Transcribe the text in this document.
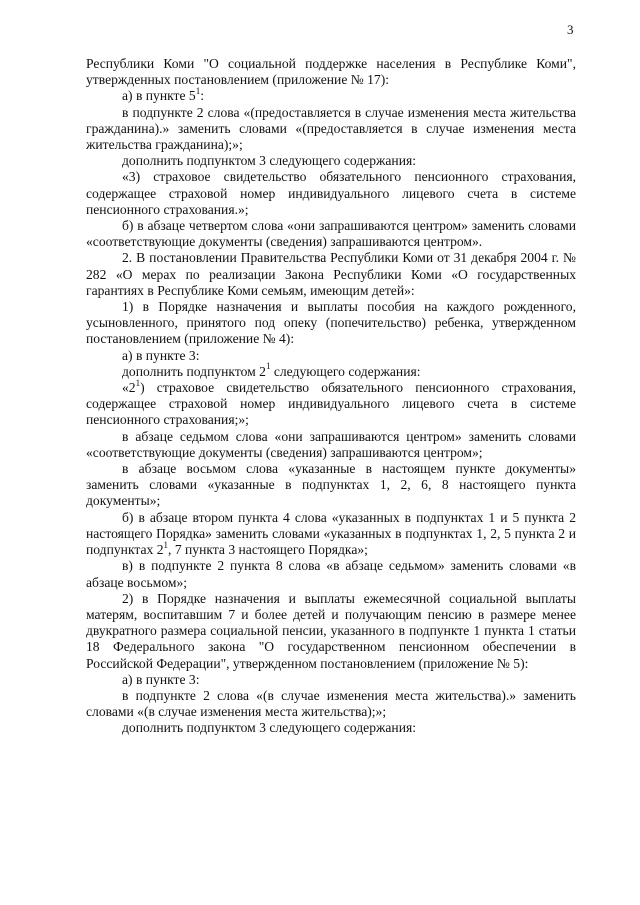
3

Республики Коми "О социальной поддержке населения в Республике Коми", утвержденных постановлением (приложение № 17):

а) в пункте $5^1$:

в подпункте 2 слова «(предоставляется в случае изменения места жительства гражданина).» заменить словами «(предоставляется в случае изменения места жительства гражданина);»;

дополнить подпунктом 3 следующего содержания:

«3) страховое свидетельство обязательного пенсионного страхования, содержащее страховой номер индивидуального лицевого счета в системе пенсионного страхования.»;

б) в абзаце четвертом слова «они запрашиваются центром» заменить словами «соответствующие документы (сведения) запрашиваются центром».

2. В постановлении Правительства Республики Коми от 31 декабря 2004 г. № 282 «О мерах по реализации Закона Республики Коми «О государственных гарантиях в Республике Коми семьям, имеющим детей»:

1) в Порядке назначения и выплаты пособия на каждого рожденного, усыновленного, принятого под опеку (попечительство) ребенка, утвержденном постановлением (приложение № 4):

а) в пункте 3:

дополнить подпунктом $2^1$ следующего содержания:

«$2^1$) страховое свидетельство обязательного пенсионного страхования, содержащее страховой номер индивидуального лицевого счета в системе пенсионного страхования;»;

в абзаце седьмом слова «они запрашиваются центром» заменить словами «соответствующие документы (сведения) запрашиваются центром»;

в абзаце восьмом слова «указанные в настоящем пункте документы» заменить словами «указанные в подпунктах 1, 2, 6, 8 настоящего пункта документы»;

б) в абзаце втором пункта 4 слова «указанных в подпунктах 1 и 5 пункта 2 настоящего Порядка» заменить словами «указанных в подпунктах 1, 2, 5 пункта 2 и подпунктах $2^1$, 7 пункта 3 настоящего Порядка»;

в) в подпункте 2 пункта 8 слова «в абзаце седьмом» заменить словами «в абзаце восьмом»;

2) в Порядке назначения и выплаты ежемесячной социальной выплаты матерям, воспитавшим 7 и более детей и получающим пенсию в размере менее двукратного размера социальной пенсии, указанного в подпункте 1 пункта 1 статьи 18 Федерального закона "О государственном пенсионном обеспечении в Российской Федерации", утвержденном постановлением (приложение № 5):

а) в пункте 3:

в подпункте 2 слова «(в случае изменения места жительства).» заменить словами «(в случае изменения места жительства);»;

дополнить подпунктом 3 следующего содержания:
